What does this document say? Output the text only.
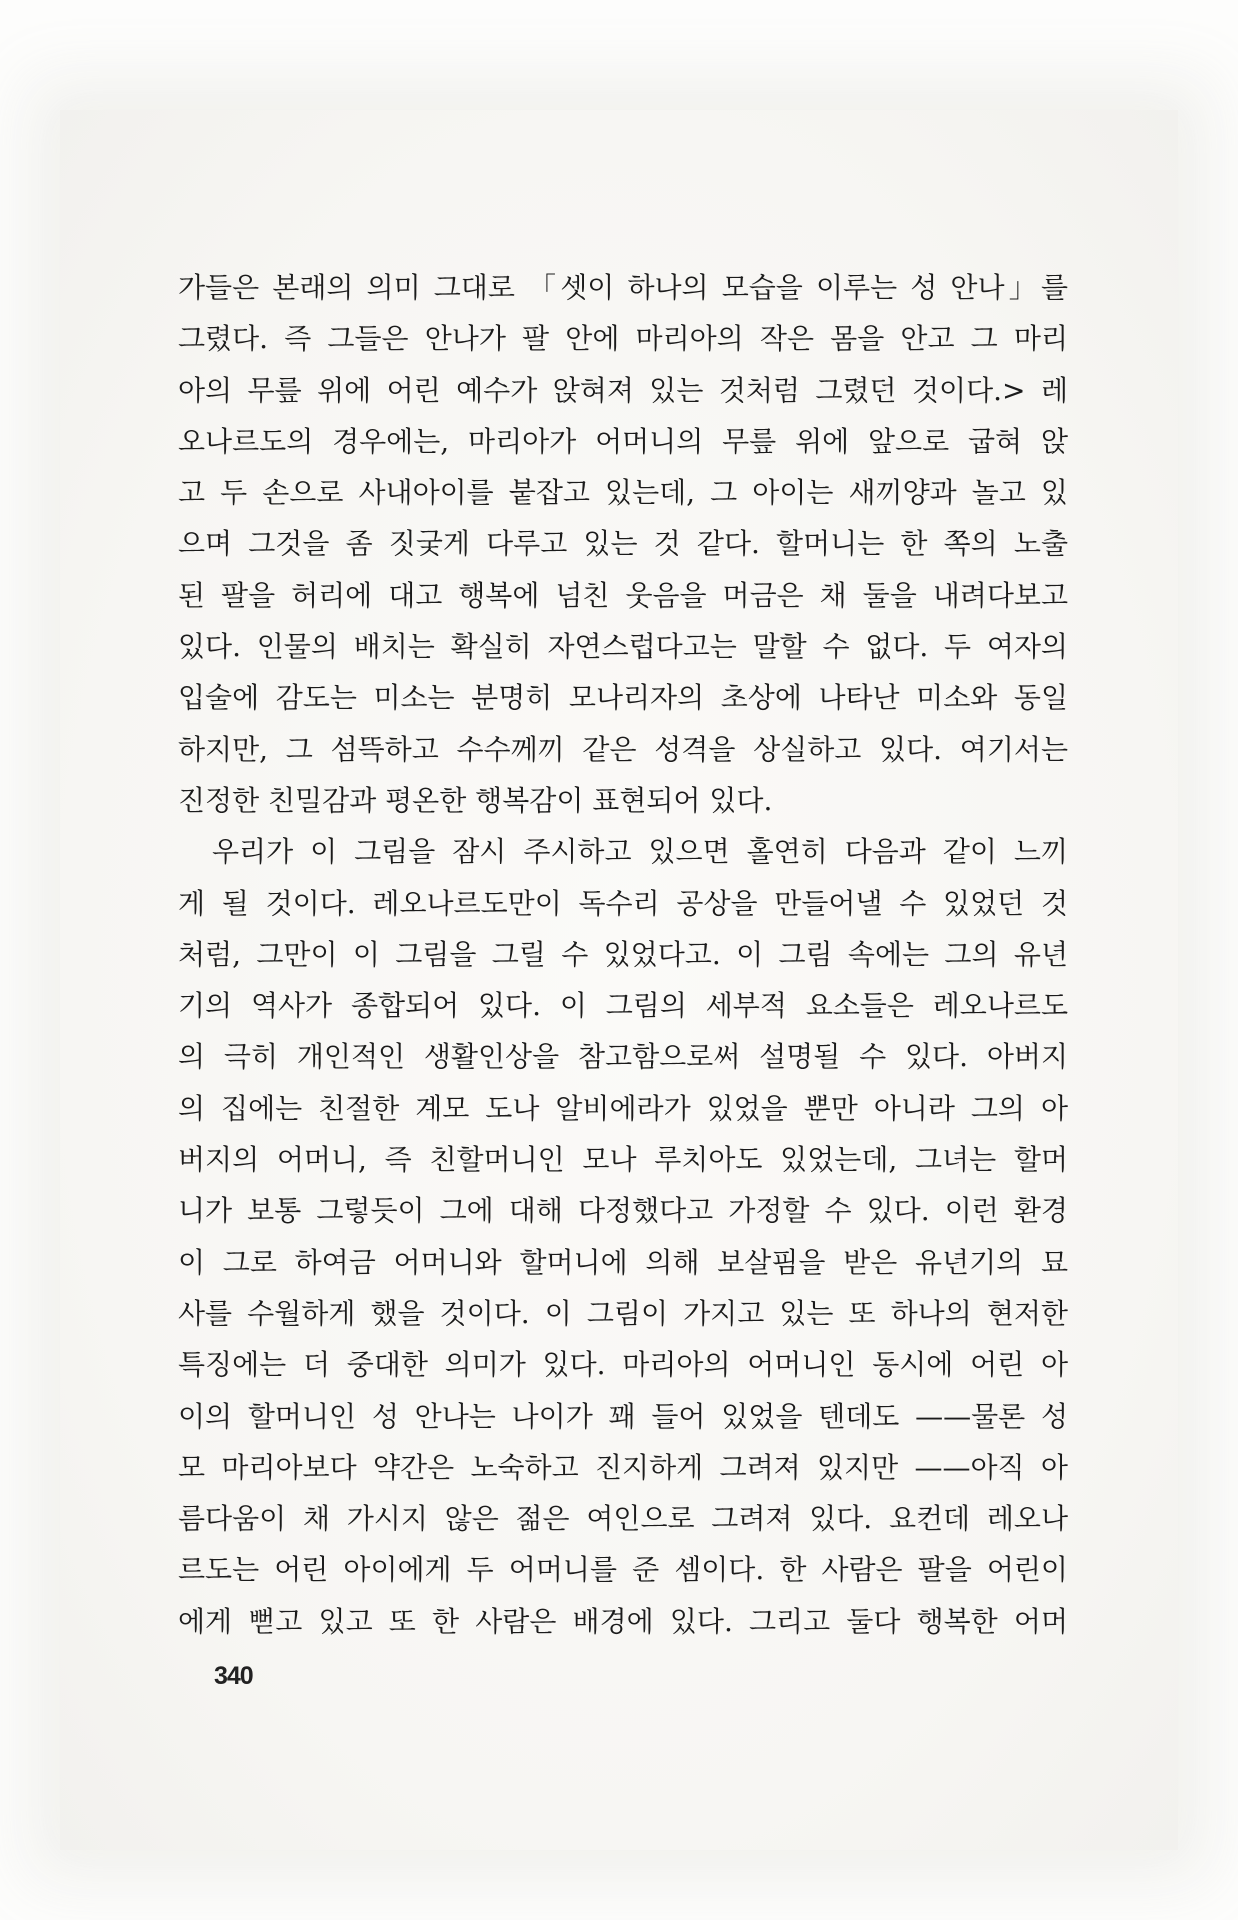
가들은 본래의 의미 그대로 「셋이 하나의 모습을 이루는 성 안나」를
그렸다. 즉 그들은 안나가 팔 안에 마리아의 작은 몸을 안고 그 마리
아의 무릎 위에 어린 예수가 앉혀져 있는 것처럼 그렸던 것이다.> 레
오나르도의 경우에는, 마리아가 어머니의 무릎 위에 앞으로 굽혀 앉
고 두 손으로 사내아이를 붙잡고 있는데, 그 아이는 새끼양과 놀고 있
으며 그것을 좀 짓궂게 다루고 있는 것 같다. 할머니는 한 쪽의 노출
된 팔을 허리에 대고 행복에 넘친 웃음을 머금은 채 둘을 내려다보고
있다. 인물의 배치는 확실히 자연스럽다고는 말할 수 없다. 두 여자의
입술에 감도는 미소는 분명히 모나리자의 초상에 나타난 미소와 동일
하지만, 그 섬뜩하고 수수께끼 같은 성격을 상실하고 있다. 여기서는
진정한 친밀감과 평온한 행복감이 표현되어 있다.
우리가 이 그림을 잠시 주시하고 있으면 홀연히 다음과 같이 느끼
게 될 것이다. 레오나르도만이 독수리 공상을 만들어낼 수 있었던 것
처럼, 그만이 이 그림을 그릴 수 있었다고. 이 그림 속에는 그의 유년
기의 역사가 종합되어 있다. 이 그림의 세부적 요소들은 레오나르도
의 극히 개인적인 생활인상을 참고함으로써 설명될 수 있다. 아버지
의 집에는 친절한 계모 도나 알비에라가 있었을 뿐만 아니라 그의 아
버지의 어머니, 즉 친할머니인 모나 루치아도 있었는데, 그녀는 할머
니가 보통 그렇듯이 그에 대해 다정했다고 가정할 수 있다. 이런 환경
이 그로 하여금 어머니와 할머니에 의해 보살핌을 받은 유년기의 묘
사를 수월하게 했을 것이다. 이 그림이 가지고 있는 또 하나의 현저한
특징에는 더 중대한 의미가 있다. 마리아의 어머니인 동시에 어린 아
이의 할머니인 성 안나는 나이가 꽤 들어 있었을 텐데도 ——물론 성
모 마리아보다 약간은 노숙하고 진지하게 그려져 있지만 ——아직 아
름다움이 채 가시지 않은 젊은 여인으로 그려져 있다. 요컨데 레오나
르도는 어린 아이에게 두 어머니를 준 셈이다. 한 사람은 팔을 어린이
에게 뻗고 있고 또 한 사람은 배경에 있다. 그리고 둘다 행복한 어머
340
